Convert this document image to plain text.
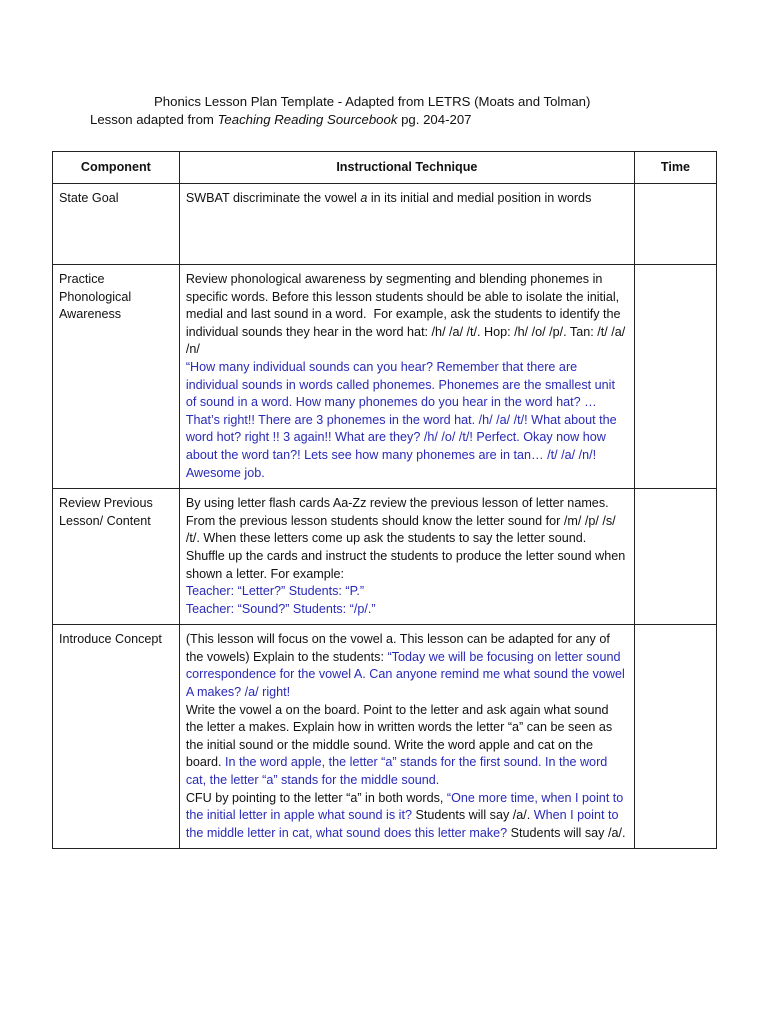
Phonics Lesson Plan Template - Adapted from LETRS (Moats and Tolman)
Lesson adapted from Teaching Reading Sourcebook pg. 204-207
Component	Instructional Technique	Time
State Goal	SWBAT discriminate the vowel a in its initial and medial position in words	
Practice Phonological Awareness	Review phonological awareness by segmenting and blending phonemes in specific words. Before this lesson students should be able to isolate the initial, medial and last sound in a word.  For example, ask the students to identify the individual sounds they hear in the word hat: /h/ /a/ /t/. Hop: /h/ /o/ /p/. Tan: /t/ /a/ /n/
“How many individual sounds can you hear? Remember that there are individual sounds in words called phonemes. Phonemes are the smallest unit of sound in a word. How many phonemes do you hear in the word hat? … That’s right!! There are 3 phonemes in the word hat. /h/ /a/ /t/! What about the word hot? right !! 3 again!! What are they? /h/ /o/ /t/! Perfect. Okay now how about the word tan?! Lets see how many phonemes are in tan… /t/ /a/ /n/! Awesome job.	
Review Previous Lesson/ Content	By using letter flash cards Aa-Zz review the previous lesson of letter names. From the previous lesson students should know the letter sound for /m/ /p/ /s/ /t/. When these letters come up ask the students to say the letter sound. Shuffle up the cards and instruct the students to produce the letter sound when shown a letter. For example:
Teacher: “Letter?” Students: “P.”
Teacher: “Sound?” Students: “/p/.”	
Introduce Concept	(This lesson will focus on the vowel a. This lesson can be adapted for any of the vowels) Explain to the students: “Today we will be focusing on letter sound correspondence for the vowel A. Can anyone remind me what sound the vowel A makes? /a/ right!
Write the vowel a on the board. Point to the letter and ask again what sound the letter a makes. Explain how in written words the letter “a” can be seen as the initial sound or the middle sound. Write the word apple and cat on the board. In the word apple, the letter “a” stands for the first sound. In the word cat, the letter “a” stands for the middle sound.
CFU by pointing to the letter “a” in both words, “One more time, when I point to the initial letter in apple what sound is it? Students will say /a/. When I point to the middle letter in cat, what sound does this letter make? Students will say /a/.	
